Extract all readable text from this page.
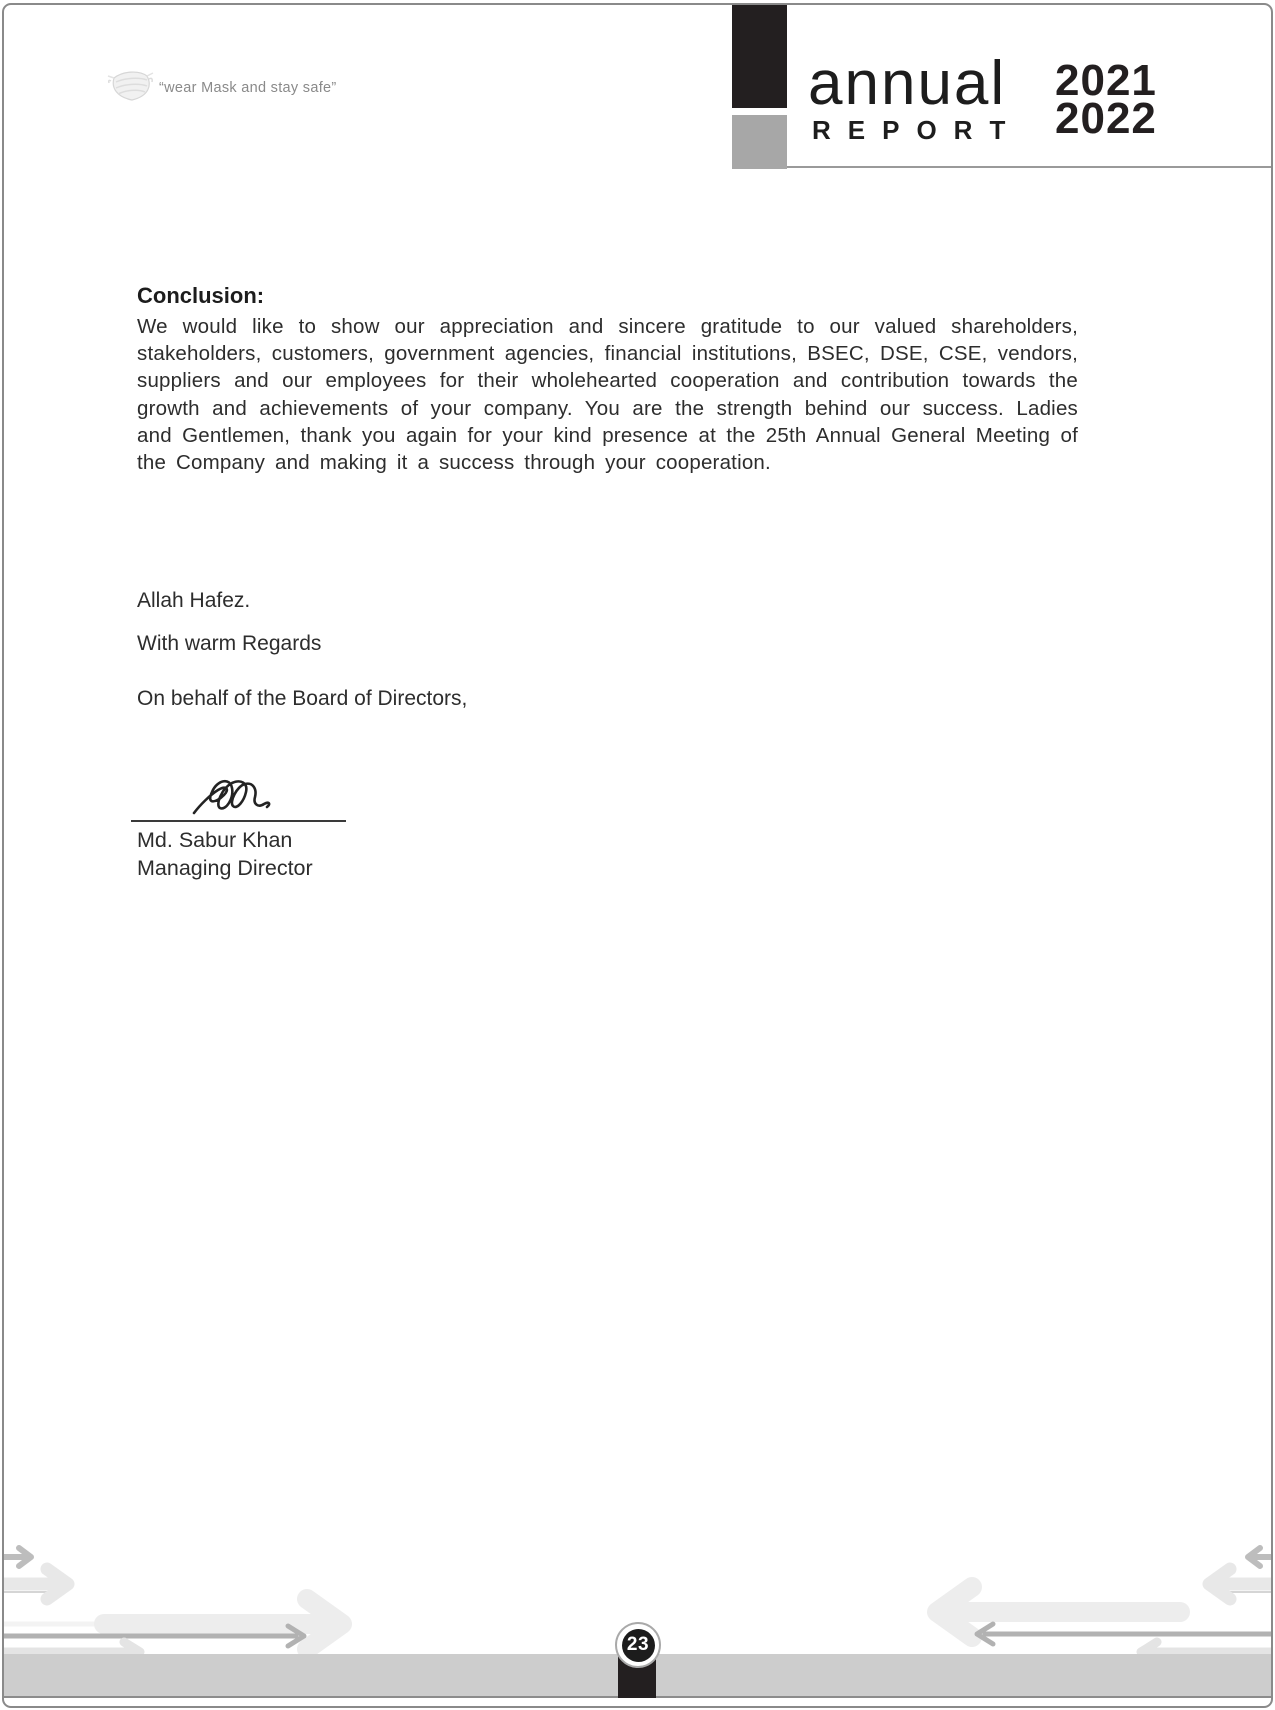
“wear Mask and stay safe”	annual
REPORT
2021
2022
Conclusion:
We would like to show our appreciation and sincere gratitude to our valued shareholders, stakeholders, customers, government agencies, financial institutions, BSEC, DSE, CSE, vendors, suppliers and our employees for their wholehearted cooperation and contribution towards the growth and achievements of your company. You are the strength behind our success. Ladies and Gentlemen, thank you again for your kind presence at the 25th Annual General Meeting of the Company and making it a success through your cooperation.
Allah Hafez.
With warm Regards
On behalf of the Board of Directors,
Md. Sabur Khan
Managing Director
23
